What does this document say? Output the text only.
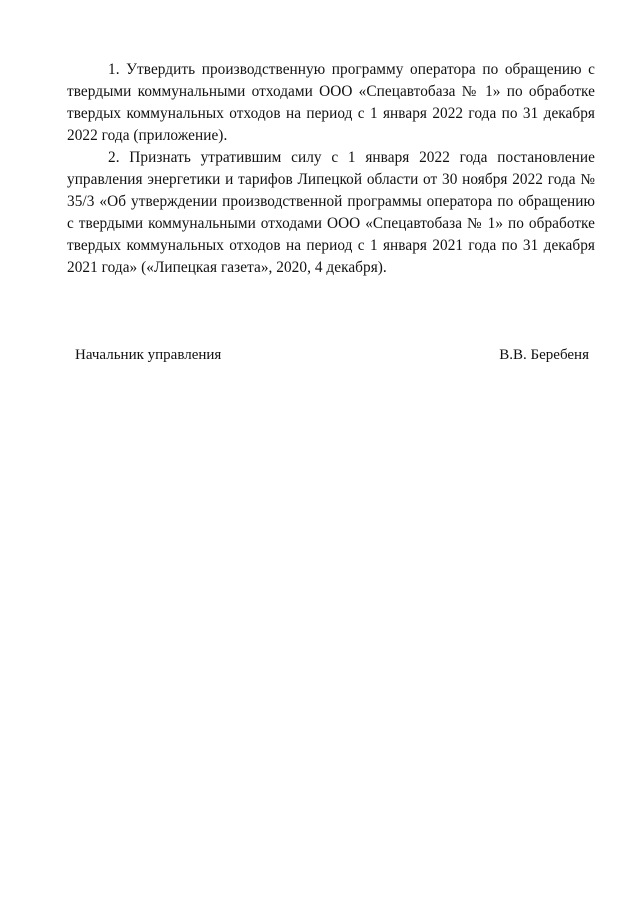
1. Утвердить производственную программу оператора по обращению с твердыми коммунальными отходами ООО «Спецавтобаза № 1» по обработке твердых коммунальных отходов на период с 1 января 2022 года по 31 декабря 2022 года (приложение).

2. Признать утратившим силу с 1 января 2022 года постановление управления энергетики и тарифов Липецкой области от 30 ноября 2022 года № 35/3 «Об утверждении производственной программы оператора по обращению с твердыми коммунальными отходами ООО «Спецавтобаза № 1» по обработке твердых коммунальных отходов на период с 1 января 2021 года по 31 декабря 2021 года» («Липецкая газета», 2020, 4 декабря).

Начальник управления	В.В. Беребеня
